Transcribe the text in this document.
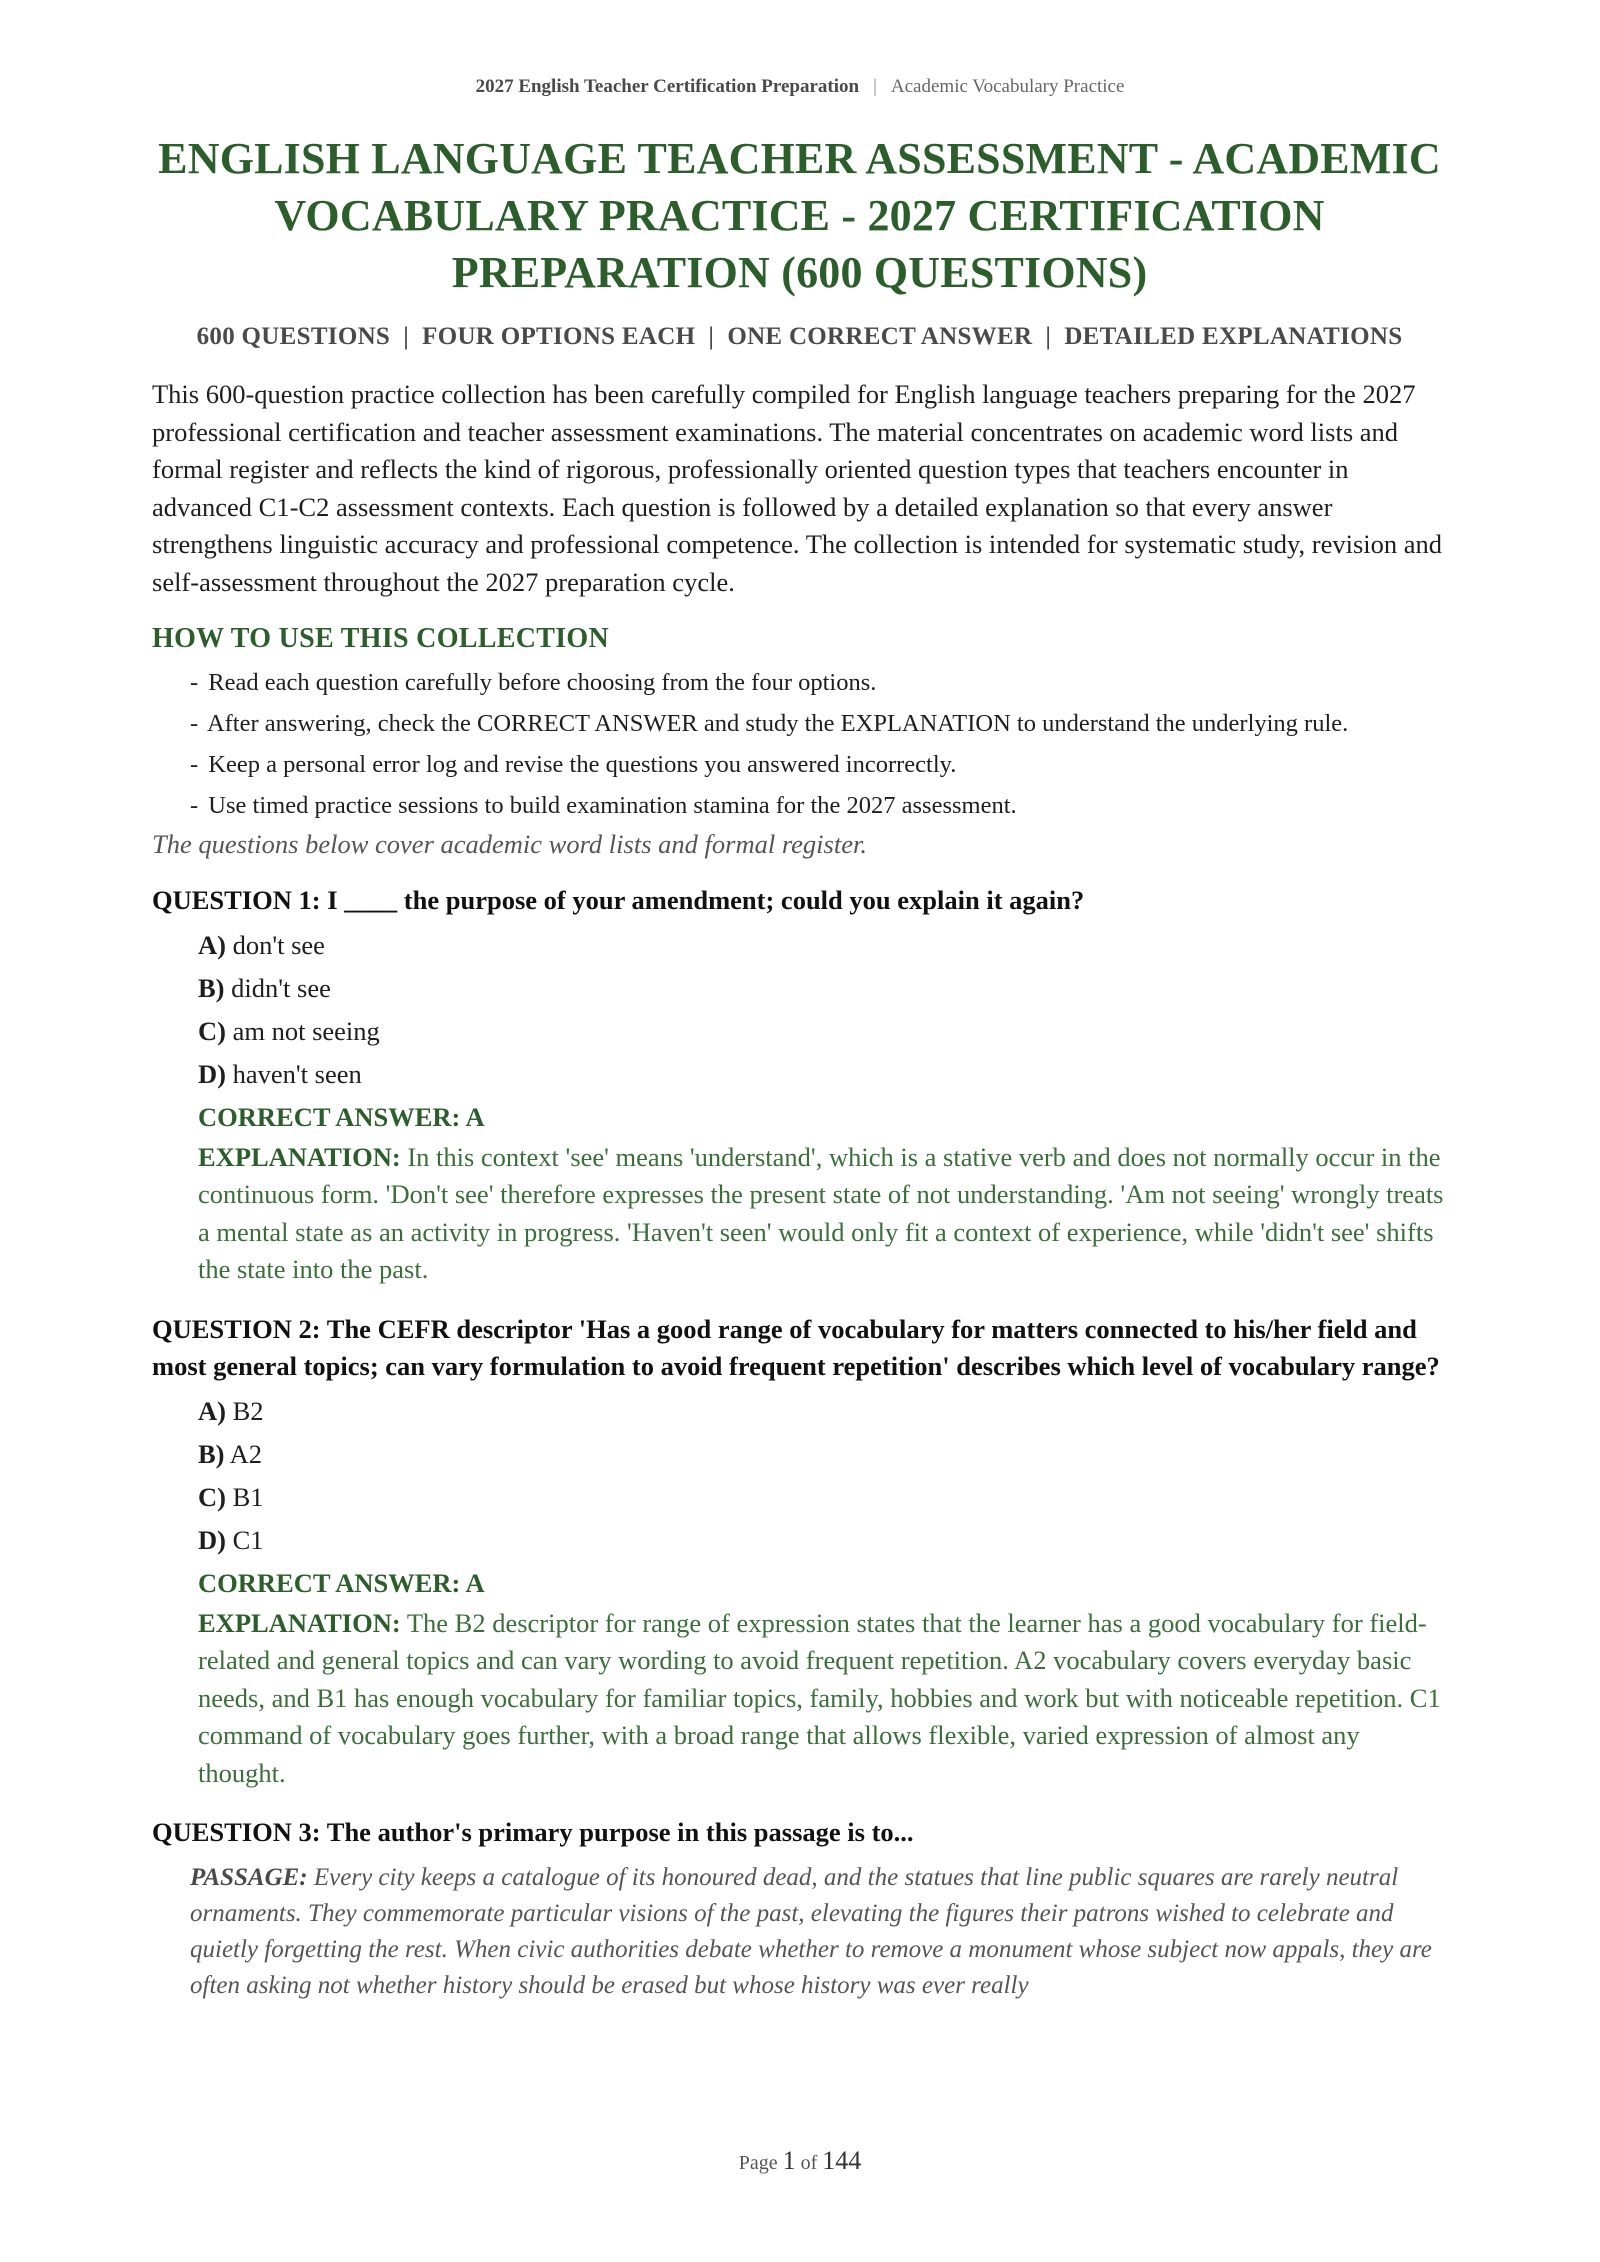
2027 English Teacher Certification Preparation | Academic Vocabulary Practice
ENGLISH LANGUAGE TEACHER ASSESSMENT - ACADEMIC VOCABULARY PRACTICE - 2027 CERTIFICATION PREPARATION (600 QUESTIONS)
600 QUESTIONS  |  FOUR OPTIONS EACH  |  ONE CORRECT ANSWER  |  DETAILED EXPLANATIONS

This 600-question practice collection has been carefully compiled for English language teachers preparing for the 2027 professional certification and teacher assessment examinations. The material concentrates on academic word lists and formal register and reflects the kind of rigorous, professionally oriented question types that teachers encounter in advanced C1-C2 assessment contexts. Each question is followed by a detailed explanation so that every answer strengthens linguistic accuracy and professional competence. The collection is intended for systematic study, revision and self-assessment throughout the 2027 preparation cycle.

HOW TO USE THIS COLLECTION
- Read each question carefully before choosing from the four options.
- After answering, check the CORRECT ANSWER and study the EXPLANATION to understand the underlying rule.
- Keep a personal error log and revise the questions you answered incorrectly.
- Use timed practice sessions to build examination stamina for the 2027 assessment.

The questions below cover academic word lists and formal register.

QUESTION 1: I ____ the purpose of your amendment; could you explain it again?

A) don't see
B) didn't see
C) am not seeing
D) haven't seen

CORRECT ANSWER: A

EXPLANATION: In this context 'see' means 'understand', which is a stative verb and does not normally occur in the continuous form. 'Don't see' therefore expresses the present state of not understanding. 'Am not seeing' wrongly treats a mental state as an activity in progress. 'Haven't seen' would only fit a context of experience, while 'didn't see' shifts the state into the past.

QUESTION 2: The CEFR descriptor 'Has a good range of vocabulary for matters connected to his/her field and most general topics; can vary formulation to avoid frequent repetition' describes which level of vocabulary range?

A) B2
B) A2
C) B1
D) C1

CORRECT ANSWER: A

EXPLANATION: The B2 descriptor for range of expression states that the learner has a good vocabulary for field-related and general topics and can vary wording to avoid frequent repetition. A2 vocabulary covers everyday basic needs, and B1 has enough vocabulary for familiar topics, family, hobbies and work but with noticeable repetition. C1 command of vocabulary goes further, with a broad range that allows flexible, varied expression of almost any thought.

QUESTION 3: The author's primary purpose in this passage is to...

PASSAGE: Every city keeps a catalogue of its honoured dead, and the statues that line public squares are rarely neutral ornaments. They commemorate particular visions of the past, elevating the figures their patrons wished to celebrate and quietly forgetting the rest. When civic authorities debate whether to remove a monument whose subject now appals, they are often asking not whether history should be erased but whose history was ever really

Page 1 of 144
